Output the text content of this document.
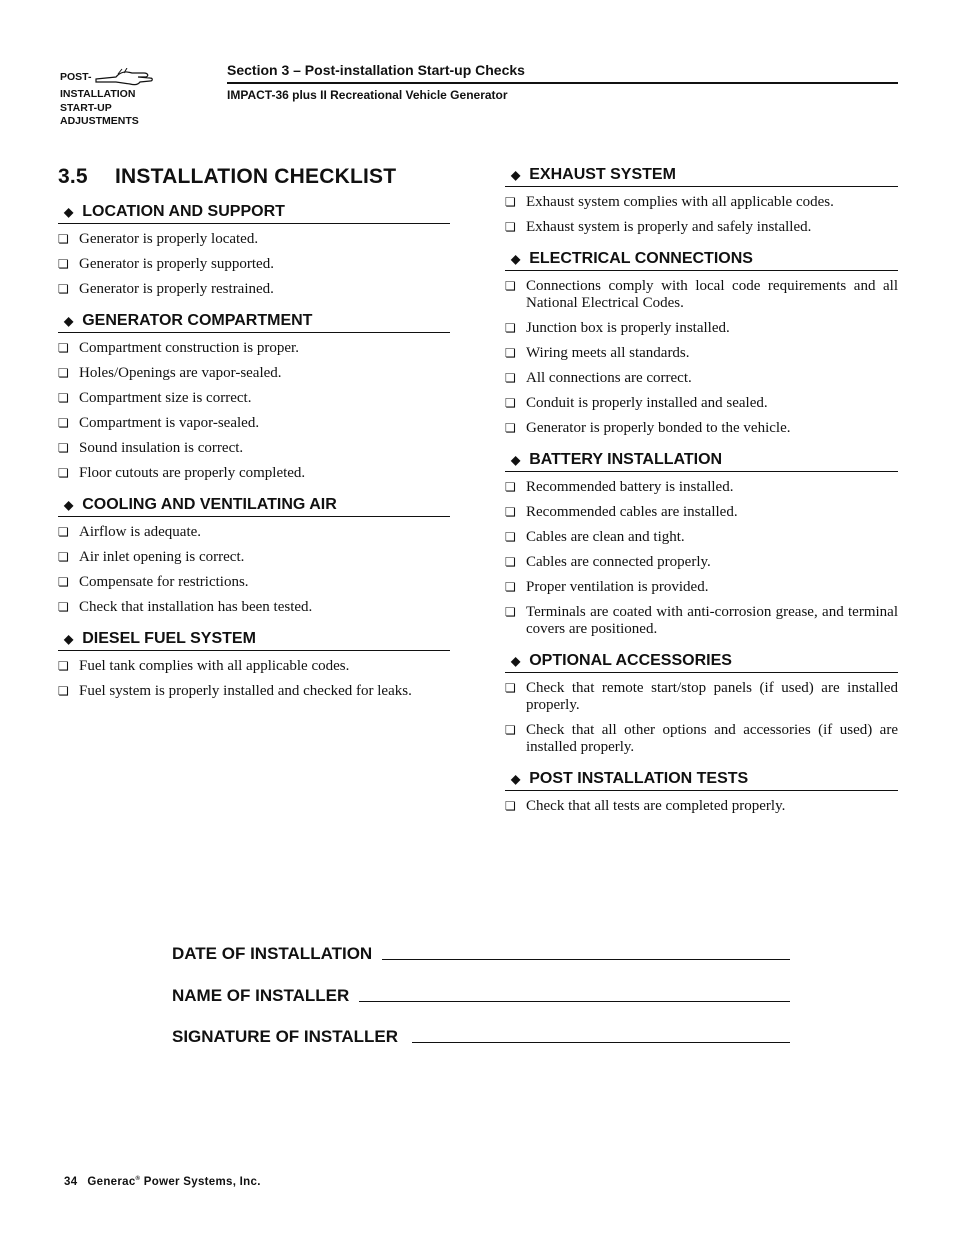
POST-
INSTALLATION
START-UP
ADJUSTMENTS
Section 3 – Post-installation Start-up Checks
IMPACT-36 plus II Recreational Vehicle Generator
3.5 INSTALLATION CHECKLIST
◆ LOCATION AND SUPPORT
❏ Generator is properly located.
❏ Generator is properly supported.
❏ Generator is properly restrained.
◆ GENERATOR COMPARTMENT
❏ Compartment construction is proper.
❏ Holes/Openings are vapor-sealed.
❏ Compartment size is correct.
❏ Compartment is vapor-sealed.
❏ Sound insulation is correct.
❏ Floor cutouts are properly completed.
◆ COOLING AND VENTILATING AIR
❏ Airflow is adequate.
❏ Air inlet opening is correct.
❏ Compensate for restrictions.
❏ Check that installation has been tested.
◆ DIESEL FUEL SYSTEM
❏ Fuel tank complies with all applicable codes.
❏ Fuel system is properly installed and checked for leaks.
◆ EXHAUST SYSTEM
❏ Exhaust system complies with all applicable codes.
❏ Exhaust system is properly and safely installed.
◆ ELECTRICAL CONNECTIONS
❏ Connections comply with local code requirements and all National Electrical Codes.
❏ Junction box is properly installed.
❏ Wiring meets all standards.
❏ All connections are correct.
❏ Conduit is properly installed and sealed.
❏ Generator is properly bonded to the vehicle.
◆ BATTERY INSTALLATION
❏ Recommended battery is installed.
❏ Recommended cables are installed.
❏ Cables are clean and tight.
❏ Cables are connected properly.
❏ Proper ventilation is provided.
❏ Terminals are coated with anti-corrosion grease, and terminal covers are positioned.
◆ OPTIONAL ACCESSORIES
❏ Check that remote start/stop panels (if used) are installed properly.
❏ Check that all other options and accessories (if used) are installed properly.
◆ POST INSTALLATION TESTS
❏ Check that all tests are completed properly.
DATE OF INSTALLATION
NAME OF INSTALLER
SIGNATURE OF INSTALLER
34 Generac® Power Systems, Inc.
